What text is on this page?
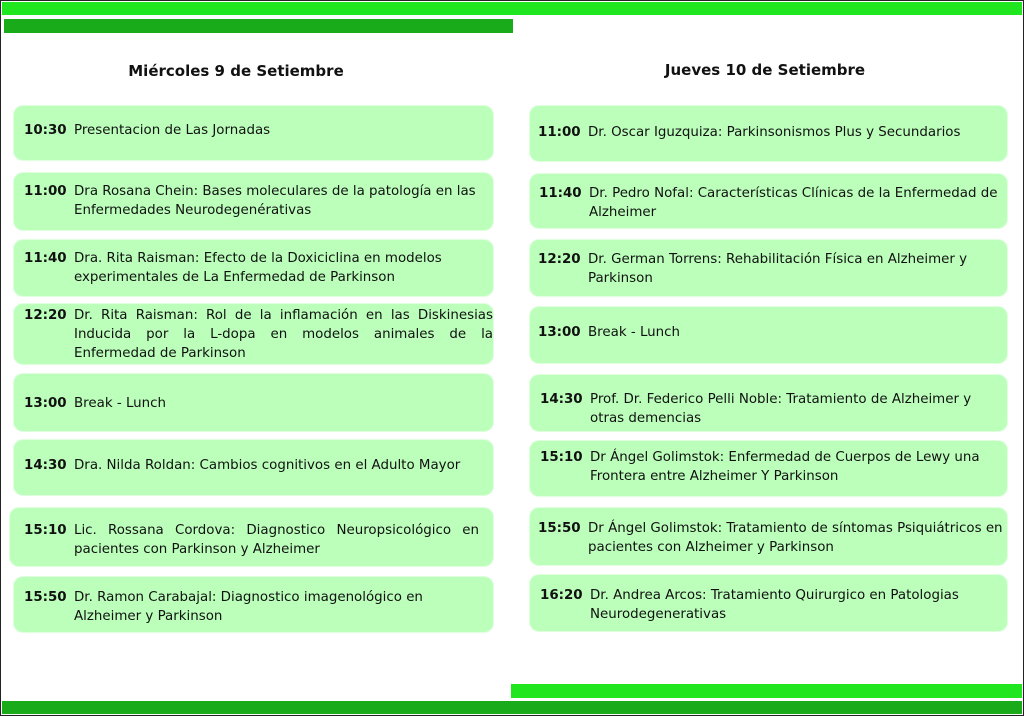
Miércoles 9 de Setiembre
10:30 Presentacion de Las Jornadas
11:00 Dra Rosana Chein: Bases moleculares de la patología en las Enfermedades Neurodegenérativas
11:40 Dra. Rita Raisman: Efecto de la Doxiciclina en modelos experimentales de La Enfermedad de Parkinson
12:20 Dr. Rita Raisman: Rol de la inflamación en las Diskinesias Inducida por la L-dopa en modelos animales de la Enfermedad de Parkinson
13:00 Break - Lunch
14:30 Dra. Nilda Roldan: Cambios cognitivos en el Adulto Mayor
15:10 Lic. Rossana Cordova: Diagnostico Neuropsicológico en pacientes con Parkinson y Alzheimer
15:50 Dr. Ramon Carabajal: Diagnostico imagenológico en Alzheimer y Parkinson
Jueves 10 de Setiembre
11:00 Dr. Oscar Iguzquiza: Parkinsonismos Plus y Secundarios
11:40 Dr. Pedro Nofal: Características Clínicas de la Enfermedad de Alzheimer
12:20 Dr. German Torrens: Rehabilitación Física en Alzheimer y Parkinson
13:00 Break - Lunch
14:30 Prof. Dr. Federico Pelli Noble: Tratamiento de Alzheimer y otras demencias
15:10 Dr Ángel Golimstok: Enfermedad de Cuerpos de Lewy una Frontera entre Alzheimer Y Parkinson
15:50 Dr Ángel Golimstok: Tratamiento de síntomas Psiquiátricos en pacientes con Alzheimer y Parkinson
16:20 Dr. Andrea Arcos: Tratamiento Quirurgico en Patologias Neurodegenerativas
